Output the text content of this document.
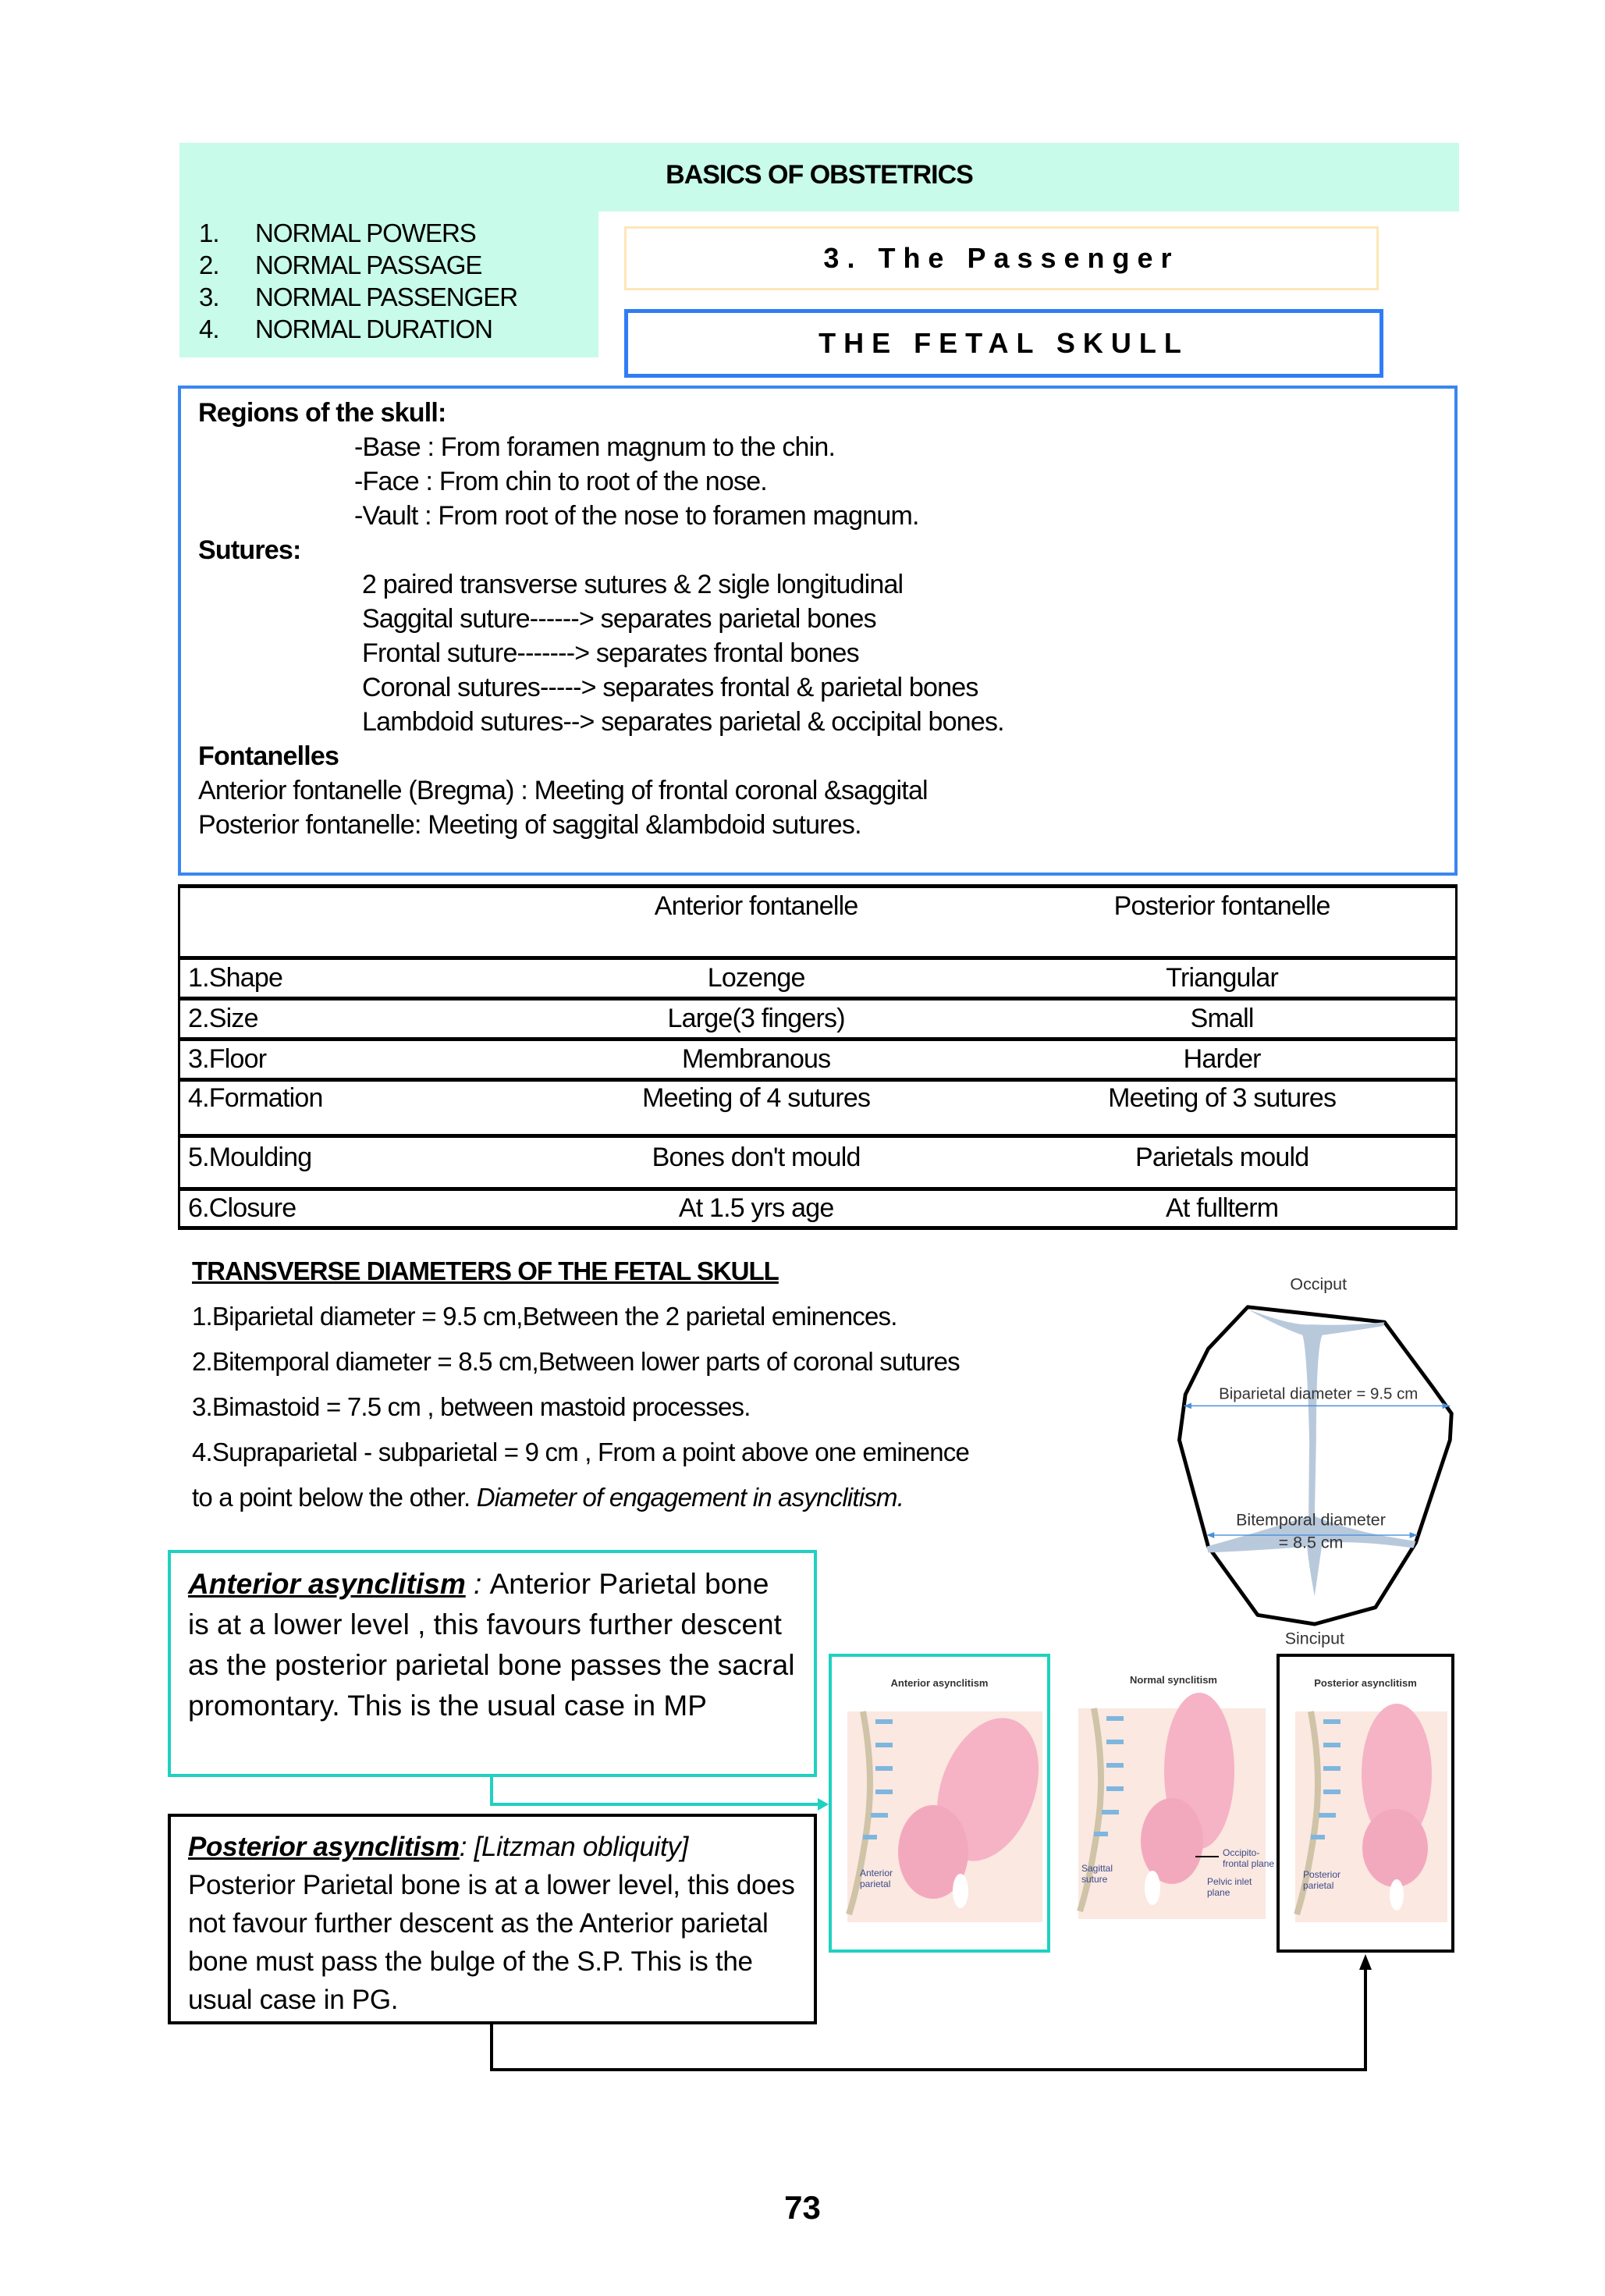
BASICS OF OBSTETRICS
1. NORMAL POWERS
2. NORMAL PASSAGE
3. NORMAL PASSENGER
4. NORMAL DURATION
3. The Passenger
THE FETAL SKULL
Regions of the skull:
-Base : From foramen magnum to the chin.
-Face : From chin to root of the nose.
-Vault : From root of the nose to foramen magnum.
Sutures:
2 paired transverse sutures & 2 sigle longitudinal
Saggital suture------> separates parietal bones
Frontal suture-------> separates frontal bones
Coronal sutures-----> separates frontal & parietal bones
Lambdoid sutures--> separates parietal & occipital bones.
Fontanelles
Anterior fontanelle (Bregma) : Meeting of frontal coronal &saggital
Posterior fontanelle: Meeting of saggital &lambdoid sutures.
	Anterior fontanelle	Posterior fontanelle
1.Shape	Lozenge	Triangular
2.Size	Large(3 fingers)	Small
3.Floor	Membranous	Harder
4.Formation	Meeting of 4 sutures	Meeting of 3 sutures
5.Moulding	Bones don't mould	Parietals mould
6.Closure	At 1.5 yrs age	At fullterm
TRANSVERSE DIAMETERS OF THE FETAL SKULL
1.Biparietal diameter = 9.5 cm,Between the 2 parietal eminences.
2.Bitemporal diameter = 8.5 cm,Between lower parts of coronal sutures
3.Bimastoid = 7.5 cm , between mastoid processes.
4.Supraparietal - subparietal = 9 cm , From a point above one eminence
to a point below the other. Diameter of engagement in asynclitism.
Occiput
Biparietal diameter = 9.5 cm
Bitemporal diameter
= 8.5 cm
Sinciput
Anterior asynclitism : Anterior Parietal bone is at a lower level , this favours further descent as the posterior parietal bone passes the sacral promontary. This is the usual case in MP
Posterior asynclitism: [Litzman obliquity]
Posterior Parietal bone is at a lower level, this does not favour further descent as the Anterior parietal bone must pass the bulge of the S.P. This is the usual case in PG.
Anterior asynclitism
Anterior
parietal
Normal synclitism
Sagittal
suture
Occipito-
frontal plane
Pelvic inlet
plane
Posterior asynclitism
Posterior
parietal
73
